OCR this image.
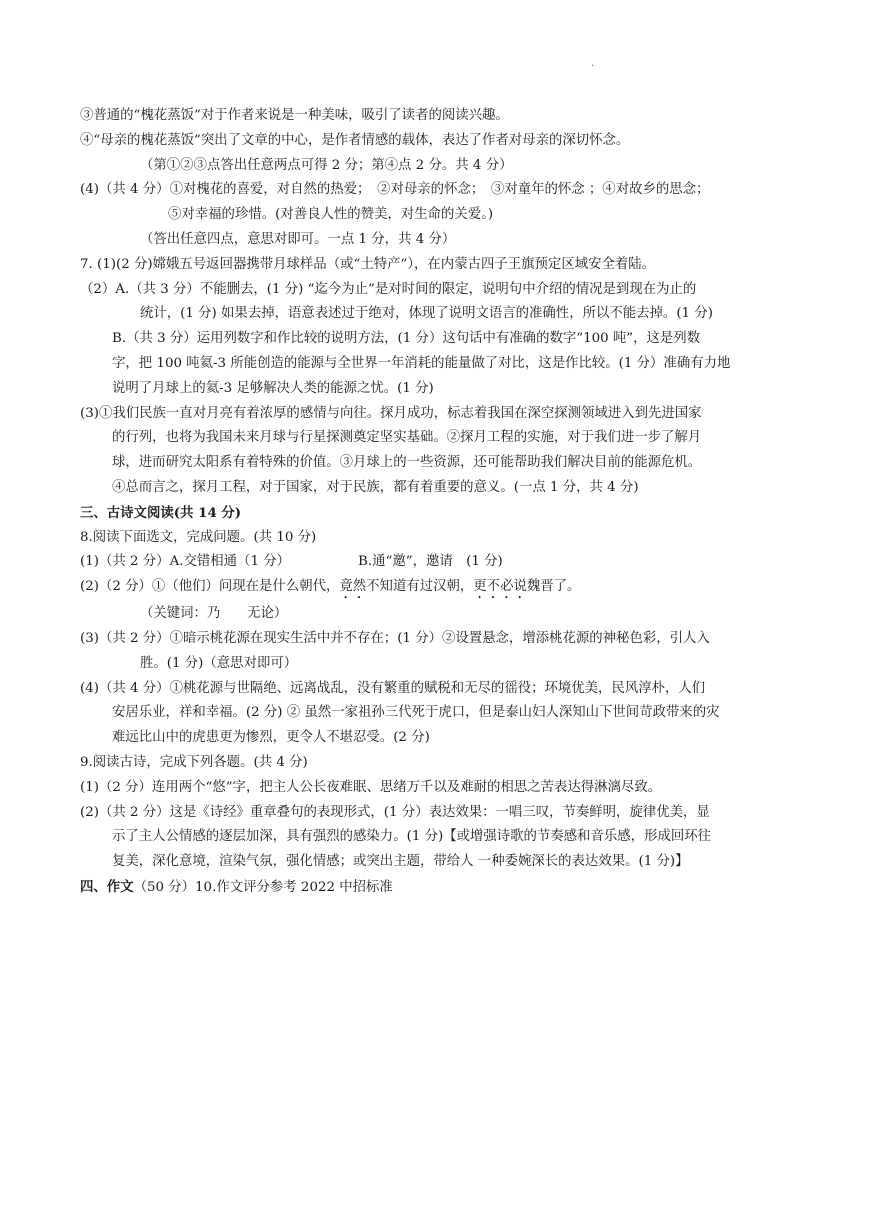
.

③普通的“槐花蒸饭”对于作者来说是一种美味，吸引了读者的阅读兴趣。

④“母亲的槐花蒸饭”突出了文章的中心，是作者情感的载体，表达了作者对母亲的深切怀念。

（第①②③点答出任意两点可得 2 分；第④点 2 分。共 4 分）

(4)（共 4 分）①对槐花的喜爱，对自然的热爱；　②对母亲的怀念；　③对童年的怀念 ；④对故乡的思念；

⑤对幸福的珍惜。(对善良人性的赞美，对生命的关爱。)

（答出任意四点，意思对即可。一点 1 分，共 4 分）

7. (1)(2 分)嫦娥五号返回器携带月球样品（或“土特产”），在内蒙古四子王旗预定区域安全着陆。

（2）A.（共 3 分）不能删去，(1 分) “迄今为止”是对时间的限定，说明句中介绍的情况是到现在为止的

统计，(1 分) 如果去掉，语意表述过于绝对，体现了说明文语言的准确性，所以不能去掉。(1 分)

B.（共 3 分）运用列数字和作比较的说明方法，(1 分）这句话中有准确的数字“100 吨”，这是列数

字，把 100 吨氦-3 所能创造的能源与全世界一年消耗的能量做了对比，这是作比较。(1 分）准确有力地

说明了月球上的氦-3 足够解决人类的能源之忧。(1 分)

(3)①我们民族一直对月亮有着浓厚的感情与向往。探月成功，标志着我国在深空探测领域进入到先进国家

的行列，也将为我国未来月球与行星探测奠定坚实基础。②探月工程的实施，对于我们进一步了解月

球，进而研究太阳系有着特殊的价值。③月球上的一些资源，还可能帮助我们解决目前的能源危机。

④总而言之，探月工程，对于国家，对于民族，都有着重要的意义。(一点 1 分，共 4 分)

三、古诗文阅读(共 14 分)

8.阅读下面选文，完成问题。(共 10 分)

(1)（共 2 分）A.交错相通（1 分）	B.通“邀”，邀请　(1 分)

(2)（2 分）①（他们）问现在是什么朝代，竟然不知道有过汉朝，更不必说魏晋了。

（关键词：乃　　无论）

(3)（共 2 分）①暗示桃花源在现实生活中并不存在；(1 分）②设置悬念，增添桃花源的神秘色彩，引人入

胜。(1 分)（意思对即可）

(4)（共 4 分）①桃花源与世隔绝、远离战乱，没有繁重的赋税和无尽的徭役；环境优美，民风淳朴，人们

安居乐业，祥和幸福。(2 分) ② 虽然一家祖孙三代死于虎口，但是泰山妇人深知山下世间苛政带来的灾

难远比山中的虎患更为惨烈，更令人不堪忍受。(2 分)

9.阅读古诗，完成下列各题。(共 4 分)

(1)（2 分）连用两个“悠”字，把主人公长夜难眠、思绪万千以及难耐的相思之苦表达得淋漓尽致。

(2)（共 2 分）这是《诗经》重章叠句的表现形式，(1 分）表达效果：一唱三叹，节奏鲜明，旋律优美，显

示了主人公情感的逐层加深，具有强烈的感染力。(1 分)【或增强诗歌的节奏感和音乐感，形成回环往

复美，深化意境，渲染气氛，强化情感；或突出主题，带给人 一种委婉深长的表达效果。(1 分)】

四、作文（50 分）10.作文评分参考 2022 中招标准
